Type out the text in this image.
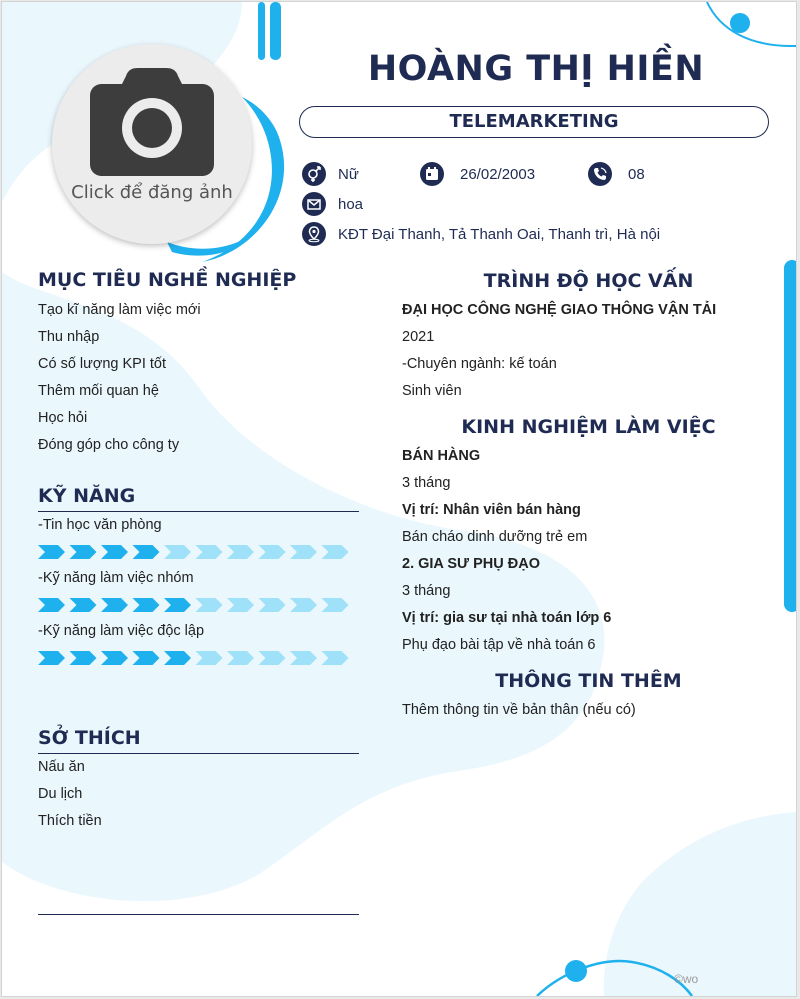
Click để đăng ảnh
HOÀNG THỊ HIỀN
TELEMARKETING
Nữ	26/02/2003	08
hoa
KĐT Đại Thanh, Tả Thanh Oai, Thanh trì, Hà nội
MỤC TIÊU NGHỀ NGHIỆP
Tạo kĩ năng làm việc mới
Thu nhập
Có số lượng KPI tốt
Thêm mối quan hệ
Học hỏi
Đóng góp cho công ty
KỸ NĂNG
-Tin học văn phòng
-Kỹ năng làm việc nhóm
-Kỹ năng làm việc độc lập
SỞ THÍCH
Nấu ăn
Du lịch
Thích tiền
TRÌNH ĐỘ HỌC VẤN
ĐẠI HỌC CÔNG NGHỆ GIAO THÔNG VẬN TẢI
2021
-Chuyên ngành: kế toán
Sinh viên
KINH NGHIỆM LÀM VIỆC
BÁN HÀNG
3 tháng
Vị trí: Nhân viên bán hàng
Bán cháo dinh dưỡng trẻ em
2. GIA SƯ PHỤ ĐẠO
3 tháng
Vị trí: gia sư tại nhà toán lớp 6
Phụ đạo bài tập về nhà toán 6
THÔNG TIN THÊM
Thêm thông tin về bản thân (nếu có)
©wo
